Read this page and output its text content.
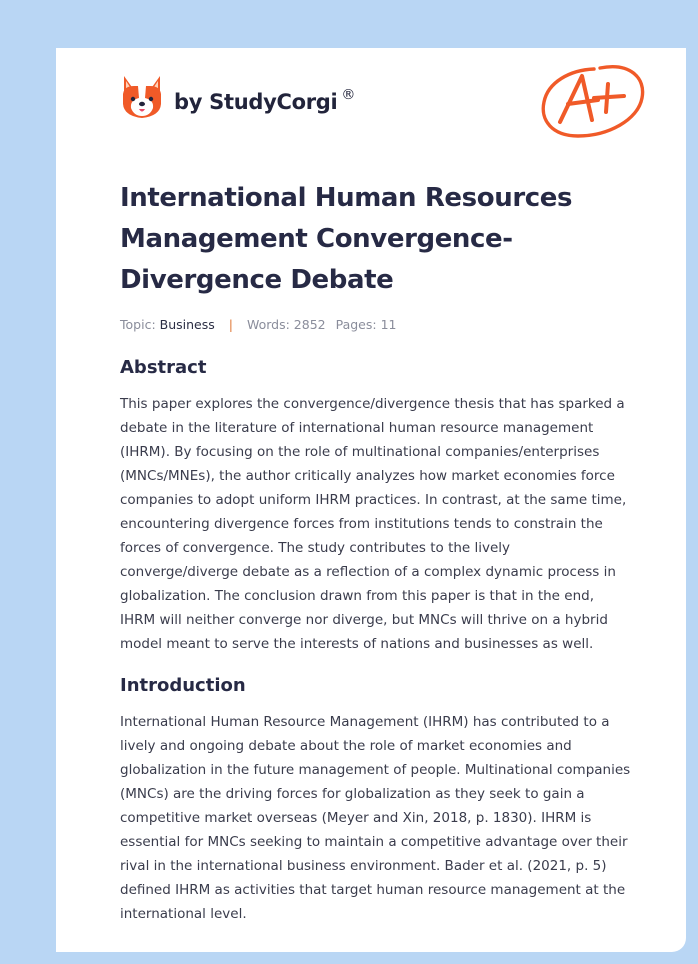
by StudyCorgi ®
International Human Resources Management Convergence-Divergence Debate
Topic: Business | Words: 2852 Pages: 11
Abstract

This paper explores the convergence/divergence thesis that has sparked a debate in the literature of international human resource management (IHRM). By focusing on the role of multinational companies/enterprises (MNCs/MNEs), the author critically analyzes how market economies force companies to adopt uniform IHRM practices. In contrast, at the same time, encountering divergence forces from institutions tends to constrain the forces of convergence. The study contributes to the lively converge/diverge debate as a reflection of a complex dynamic process in globalization. The conclusion drawn from this paper is that in the end, IHRM will neither converge nor diverge, but MNCs will thrive on a hybrid model meant to serve the interests of nations and businesses as well.

Introduction

International Human Resource Management (IHRM) has contributed to a lively and ongoing debate about the role of market economies and globalization in the future management of people. Multinational companies (MNCs) are the driving forces for globalization as they seek to gain a competitive market overseas (Meyer and Xin, 2018, p. 1830). IHRM is essential for MNCs seeking to maintain a competitive advantage over their rival in the international business environment. Bader et al. (2021, p. 5) defined IHRM as activities that target human resource management at the international level.
